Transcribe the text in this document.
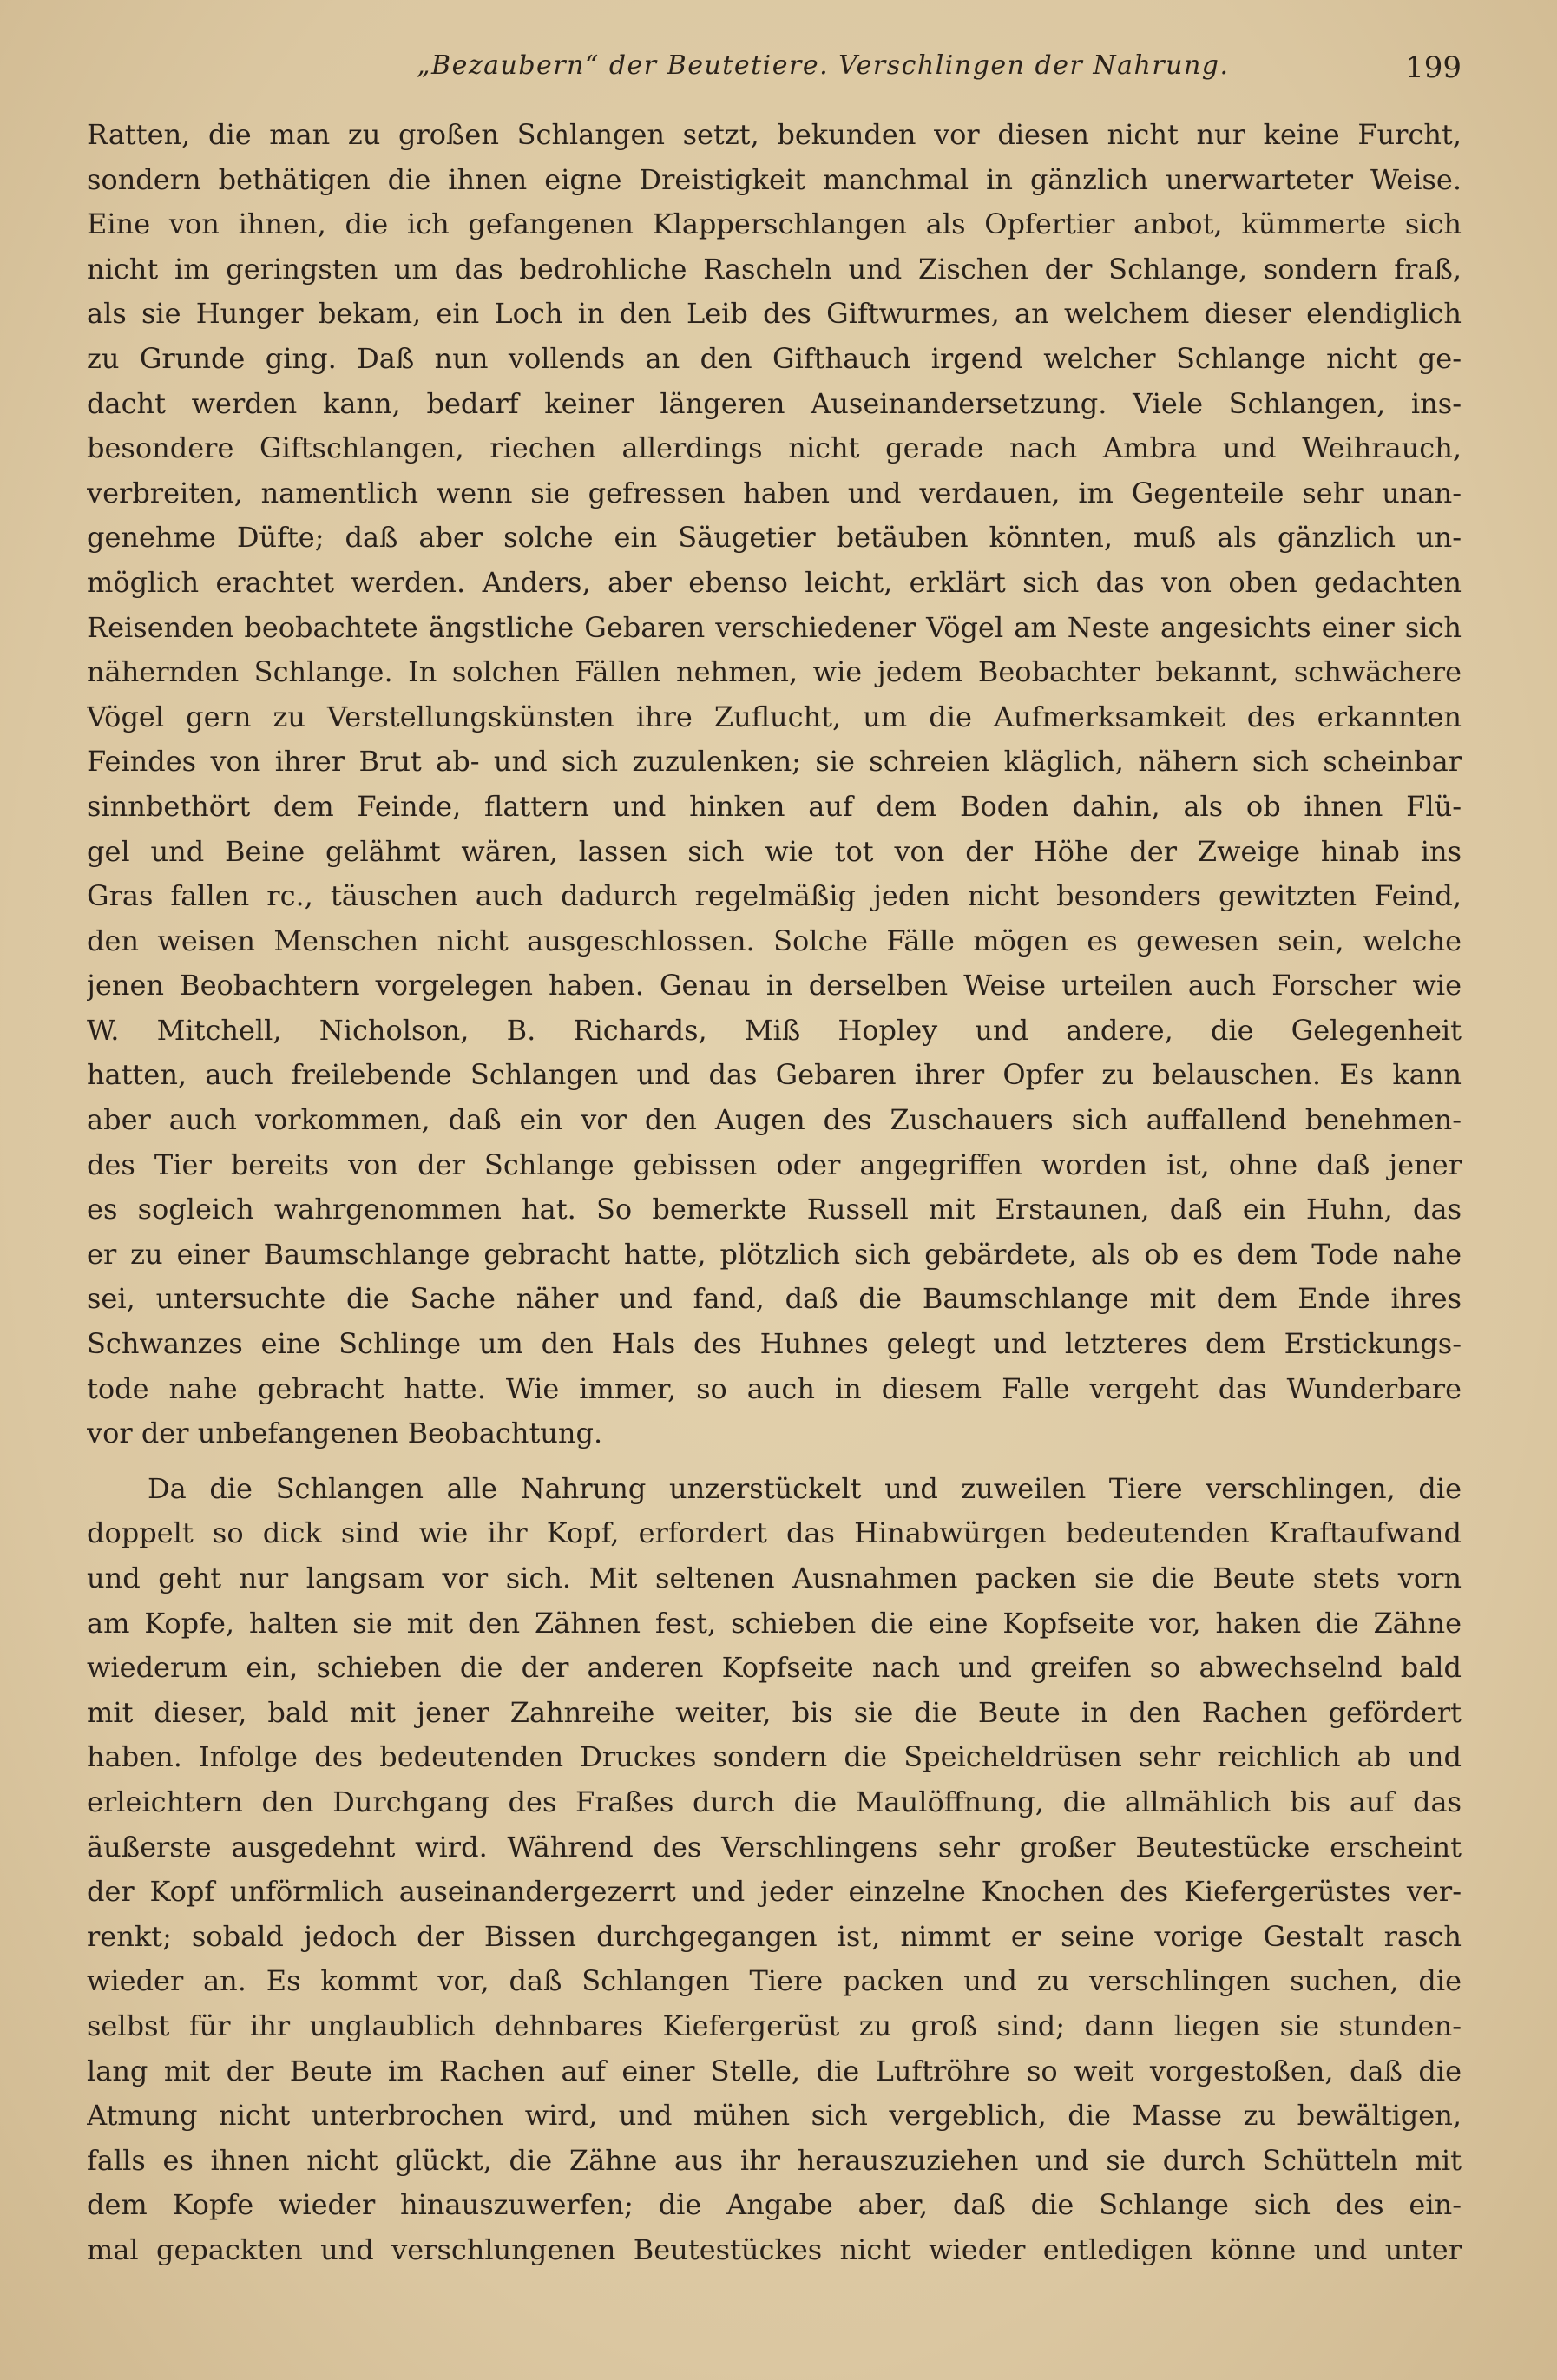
„Bezaubern“ der Beutetiere. Verschlingen der Nahrung.	199
Ratten, die man zu großen Schlangen setzt, bekunden vor diesen nicht nur keine Furcht,
sondern bethätigen die ihnen eigne Dreistigkeit manchmal in gänzlich unerwarteter Weise.
Eine von ihnen, die ich gefangenen Klapperschlangen als Opfertier anbot, kümmerte sich
nicht im geringsten um das bedrohliche Rascheln und Zischen der Schlange, sondern fraß,
als sie Hunger bekam, ein Loch in den Leib des Giftwurmes, an welchem dieser elendiglich
zu Grunde ging. Daß nun vollends an den Gifthauch irgend welcher Schlange nicht ge-
dacht werden kann, bedarf keiner längeren Auseinandersetzung. Viele Schlangen, ins-
besondere Giftschlangen, riechen allerdings nicht gerade nach Ambra und Weihrauch,
verbreiten, namentlich wenn sie gefressen haben und verdauen, im Gegenteile sehr unan-
genehme Düfte; daß aber solche ein Säugetier betäuben könnten, muß als gänzlich un-
möglich erachtet werden. Anders, aber ebenso leicht, erklärt sich das von oben gedachten
Reisenden beobachtete ängstliche Gebaren verschiedener Vögel am Neste angesichts einer sich
nähernden Schlange. In solchen Fällen nehmen, wie jedem Beobachter bekannt, schwächere
Vögel gern zu Verstellungskünsten ihre Zuflucht, um die Aufmerksamkeit des erkannten
Feindes von ihrer Brut ab- und sich zuzulenken; sie schreien kläglich, nähern sich scheinbar
sinnbethört dem Feinde, flattern und hinken auf dem Boden dahin, als ob ihnen Flü-
gel und Beine gelähmt wären, lassen sich wie tot von der Höhe der Zweige hinab ins
Gras fallen rc., täuschen auch dadurch regelmäßig jeden nicht besonders gewitzten Feind,
den weisen Menschen nicht ausgeschlossen. Solche Fälle mögen es gewesen sein, welche
jenen Beobachtern vorgelegen haben. Genau in derselben Weise urteilen auch Forscher wie
W. Mitchell, Nicholson, B. Richards, Miß Hopley und andere, die Gelegenheit
hatten, auch freilebende Schlangen und das Gebaren ihrer Opfer zu belauschen. Es kann
aber auch vorkommen, daß ein vor den Augen des Zuschauers sich auffallend benehmen-
des Tier bereits von der Schlange gebissen oder angegriffen worden ist, ohne daß jener
es sogleich wahrgenommen hat. So bemerkte Russell mit Erstaunen, daß ein Huhn, das
er zu einer Baumschlange gebracht hatte, plötzlich sich gebärdete, als ob es dem Tode nahe
sei, untersuchte die Sache näher und fand, daß die Baumschlange mit dem Ende ihres
Schwanzes eine Schlinge um den Hals des Huhnes gelegt und letzteres dem Erstickungs-
tode nahe gebracht hatte. Wie immer, so auch in diesem Falle vergeht das Wunderbare
vor der unbefangenen Beobachtung.
Da die Schlangen alle Nahrung unzerstückelt und zuweilen Tiere verschlingen, die
doppelt so dick sind wie ihr Kopf, erfordert das Hinabwürgen bedeutenden Kraftaufwand
und geht nur langsam vor sich. Mit seltenen Ausnahmen packen sie die Beute stets vorn
am Kopfe, halten sie mit den Zähnen fest, schieben die eine Kopfseite vor, haken die Zähne
wiederum ein, schieben die der anderen Kopfseite nach und greifen so abwechselnd bald
mit dieser, bald mit jener Zahnreihe weiter, bis sie die Beute in den Rachen gefördert
haben. Infolge des bedeutenden Druckes sondern die Speicheldrüsen sehr reichlich ab und
erleichtern den Durchgang des Fraßes durch die Maulöffnung, die allmählich bis auf das
äußerste ausgedehnt wird. Während des Verschlingens sehr großer Beutestücke erscheint
der Kopf unförmlich auseinandergezerrt und jeder einzelne Knochen des Kiefergerüstes ver-
renkt; sobald jedoch der Bissen durchgegangen ist, nimmt er seine vorige Gestalt rasch
wieder an. Es kommt vor, daß Schlangen Tiere packen und zu verschlingen suchen, die
selbst für ihr unglaublich dehnbares Kiefergerüst zu groß sind; dann liegen sie stunden-
lang mit der Beute im Rachen auf einer Stelle, die Luftröhre so weit vorgestoßen, daß die
Atmung nicht unterbrochen wird, und mühen sich vergeblich, die Masse zu bewältigen,
falls es ihnen nicht glückt, die Zähne aus ihr herauszuziehen und sie durch Schütteln mit
dem Kopfe wieder hinauszuwerfen; die Angabe aber, daß die Schlange sich des ein-
mal gepackten und verschlungenen Beutestückes nicht wieder entledigen könne und unter
